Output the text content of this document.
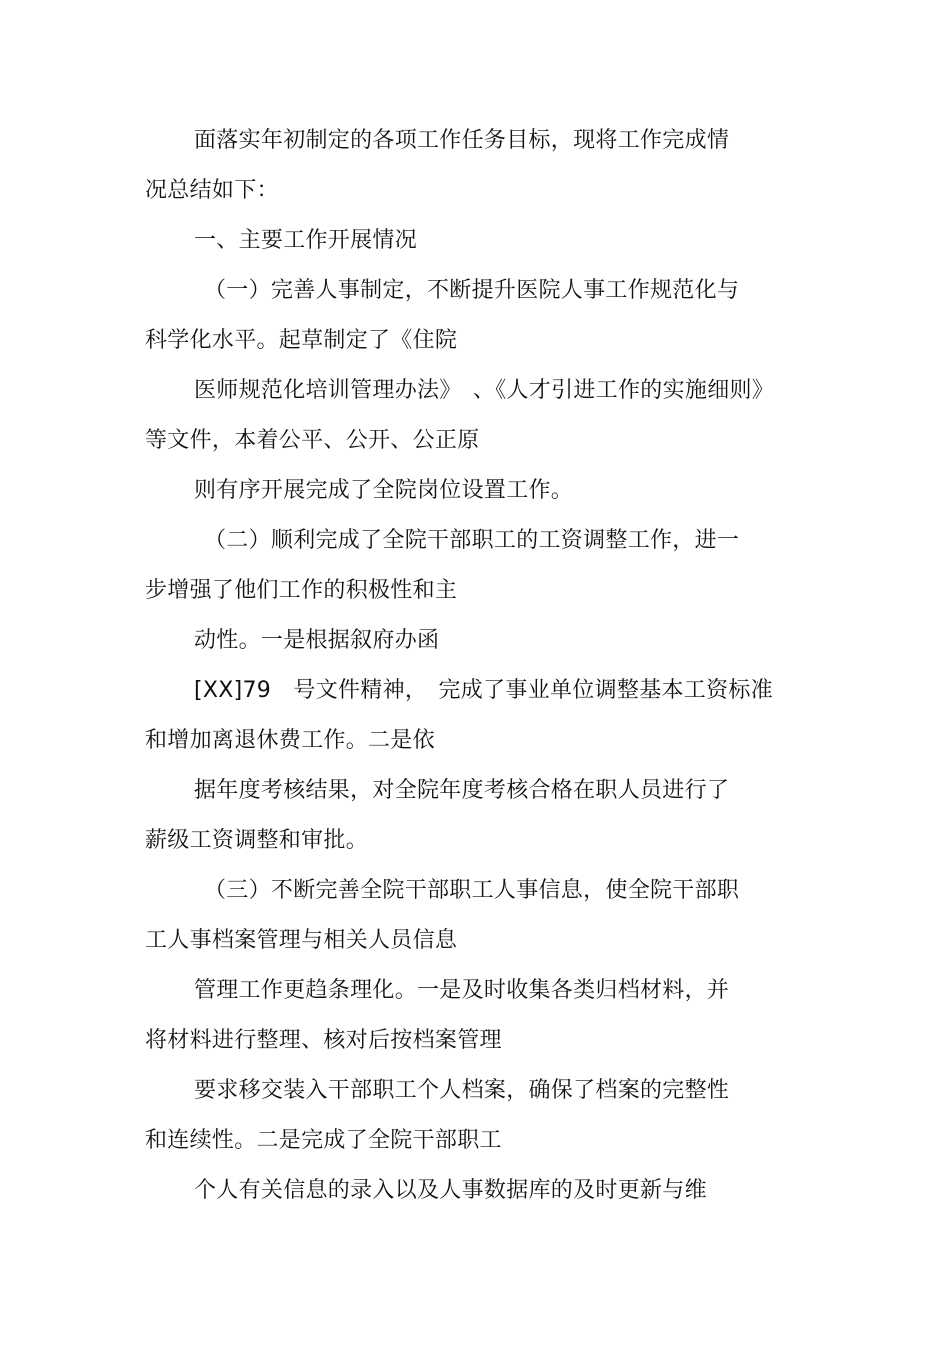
面落实年初制定的各项工作任务目标，现将工作完成情
况总结如下：
一、主要工作开展情况
（一）完善人事制定，不断提升医院人事工作规范化与
科学化水平。起草制定了《住院
医师规范化培训管理办法》　、《人才引进工作的实施细则》
等文件，本着公平、公开、公正原
则有序开展完成了全院岗位设置工作。
（二）顺利完成了全院干部职工的工资调整工作，进一
步增强了他们工作的积极性和主
动性。一是根据叙府办函
[XX]79　号文件精神，　完成了事业单位调整基本工资标准
和增加离退休费工作。二是依
据年度考核结果，对全院年度考核合格在职人员进行了
薪级工资调整和审批。
（三）不断完善全院干部职工人事信息，使全院干部职
工人事档案管理与相关人员信息
管理工作更趋条理化。一是及时收集各类归档材料，并
将材料进行整理、核对后按档案管理
要求移交装入干部职工个人档案，确保了档案的完整性
和连续性。二是完成了全院干部职工
个人有关信息的录入以及人事数据库的及时更新与维
